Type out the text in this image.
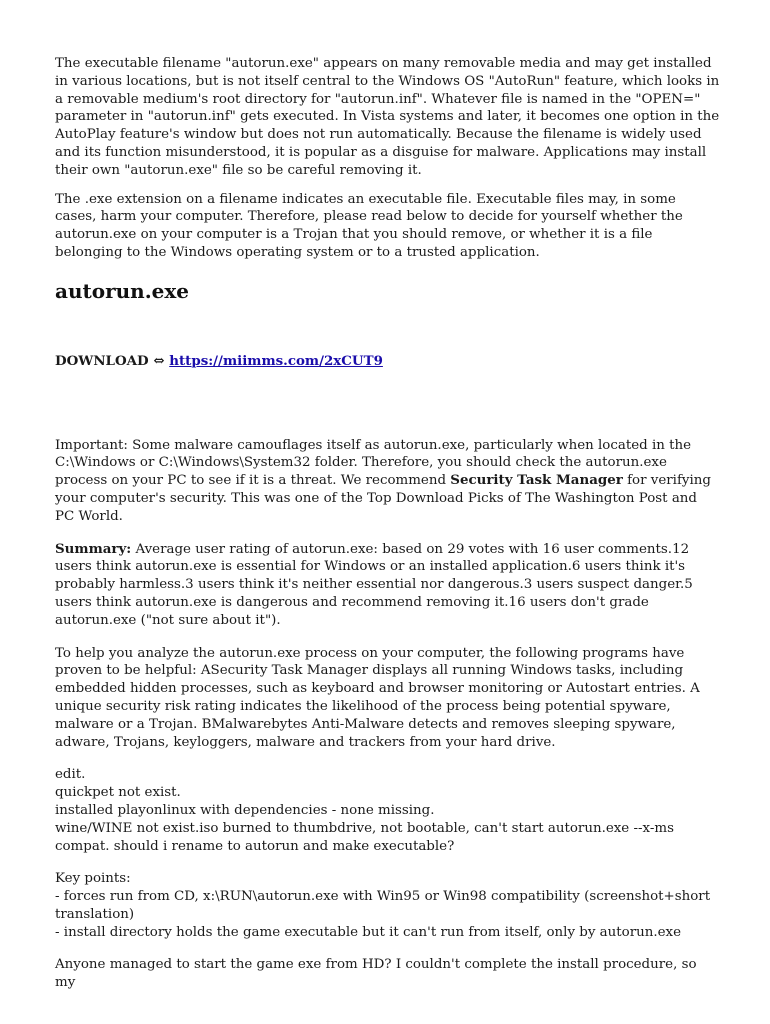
The executable filename "autorun.exe" appears on many removable media and may get installed in various locations, but is not itself central to the Windows OS "AutoRun" feature, which looks in a removable medium's root directory for "autorun.inf". Whatever file is named in the "OPEN=" parameter in "autorun.inf" gets executed. In Vista systems and later, it becomes one option in the AutoPlay feature's window but does not run automatically. Because the filename is widely used and its function misunderstood, it is popular as a disguise for malware. Applications may install their own "autorun.exe" file so be careful removing it.

The .exe extension on a filename indicates an executable file. Executable files may, in some cases, harm your computer. Therefore, please read below to decide for yourself whether the autorun.exe on your computer is a Trojan that you should remove, or whether it is a file belonging to the Windows operating system or to a trusted application.

autorun.exe

DOWNLOAD ⇔ https://miimms.com/2xCUT9

Important: Some malware camouflages itself as autorun.exe, particularly when located in the C:\Windows or C:\Windows\System32 folder. Therefore, you should check the autorun.exe process on your PC to see if it is a threat. We recommend Security Task Manager for verifying your computer's security. This was one of the Top Download Picks of The Washington Post and PC World.

Summary: Average user rating of autorun.exe: based on 29 votes with 16 user comments.12 users think autorun.exe is essential for Windows or an installed application.6 users think it's probably harmless.3 users think it's neither essential nor dangerous.3 users suspect danger.5 users think autorun.exe is dangerous and recommend removing it.16 users don't grade autorun.exe ("not sure about it").

To help you analyze the autorun.exe process on your computer, the following programs have proven to be helpful: ASecurity Task Manager displays all running Windows tasks, including embedded hidden processes, such as keyboard and browser monitoring or Autostart entries. A unique security risk rating indicates the likelihood of the process being potential spyware, malware or a Trojan. BMalwarebytes Anti-Malware detects and removes sleeping spyware, adware, Trojans, keyloggers, malware and trackers from your hard drive.

edit.
quickpet not exist.
installed playonlinux with dependencies - none missing.
wine/WINE not exist.iso burned to thumbdrive, not bootable, can't start autorun.exe --x-ms compat. should i rename to autorun and make executable?

Key points:
- forces run from CD, x:\RUN\autorun.exe with Win95 or Win98 compatibility (screenshot+short translation)
- install directory holds the game executable but it can't run from itself, only by autorun.exe

Anyone managed to start the game exe from HD? I couldn't complete the install procedure, so my
